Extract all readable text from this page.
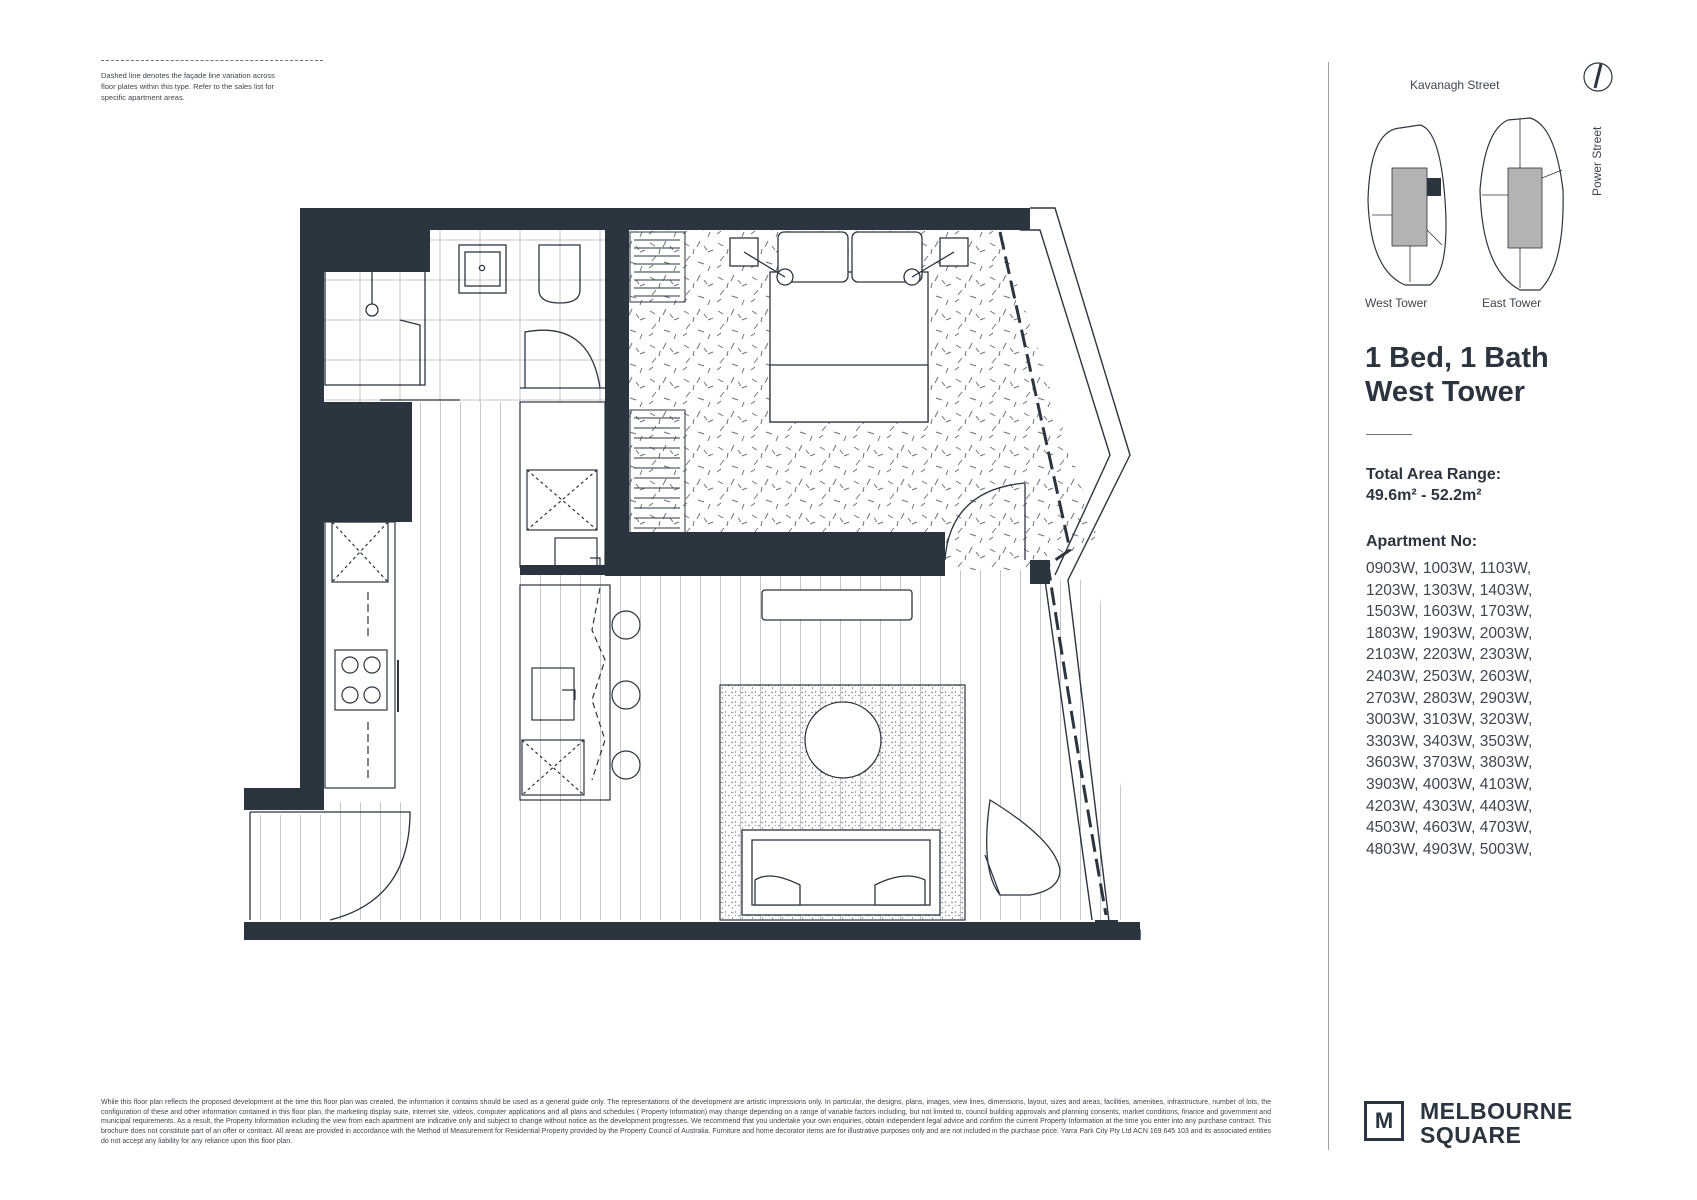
Dashed line denotes the façade line variation across
floor plates within this type. Refer to the sales list for
specific apartment areas.
Kavanagh Street
West Tower	East Tower
Power Street
1 Bed, 1 Bath
West Tower
Total Area Range:
49.6m² - 52.2m²
Apartment No:
0903W, 1003W, 1103W, 1203W, 1303W, 1403W, 1503W, 1603W, 1703W, 1803W, 1903W, 2003W, 2103W, 2203W, 2303W, 2403W, 2503W, 2603W, 2703W, 2803W, 2903W, 3003W, 3103W, 3203W, 3303W, 3403W, 3503W, 3603W, 3703W, 3803W, 3903W, 4003W, 4103W, 4203W, 4303W, 4403W, 4503W, 4603W, 4703W, 4803W, 4903W, 5003W,
While this floor plan reflects the proposed development at the time this floor plan was created, the information it contains should be used as a general guide only. The representations of the development are artistic impressions only. In particular, the designs, plans, images, view lines, dimensions, layout, sizes and areas, facilities, amenities, infrastructure, number of lots, the configuration of these and other information contained in this floor plan, the marketing display suite, internet site, videos, computer applications and all plans and schedules ( Property Information) may change depending on a range of variable factors including, but not limited to, council building approvals and planning consents, market conditions, finance and government and municipal requirements. As a result, the Property Information including the view from each apartment are indicative only and subject to change without notice as the development progresses. We recommend that you undertake your own enquiries, obtain independent legal advice and confirm the current Property Information at the time you enter into any purchase contract. This brochure does not constitute part of an offer or contract. All areas are provided in accordance with the Method of Measurement for Residential Property provided by the Property Council of Australia. Furniture and home decorator items are for illustrative purposes only and are not included in the purchase price. Yarra Park City Pty Ltd ACN 169 645 103 and its associated entities do not accept any liability for any reliance upon this floor plan.
M	MELBOURNE
SQUARE
